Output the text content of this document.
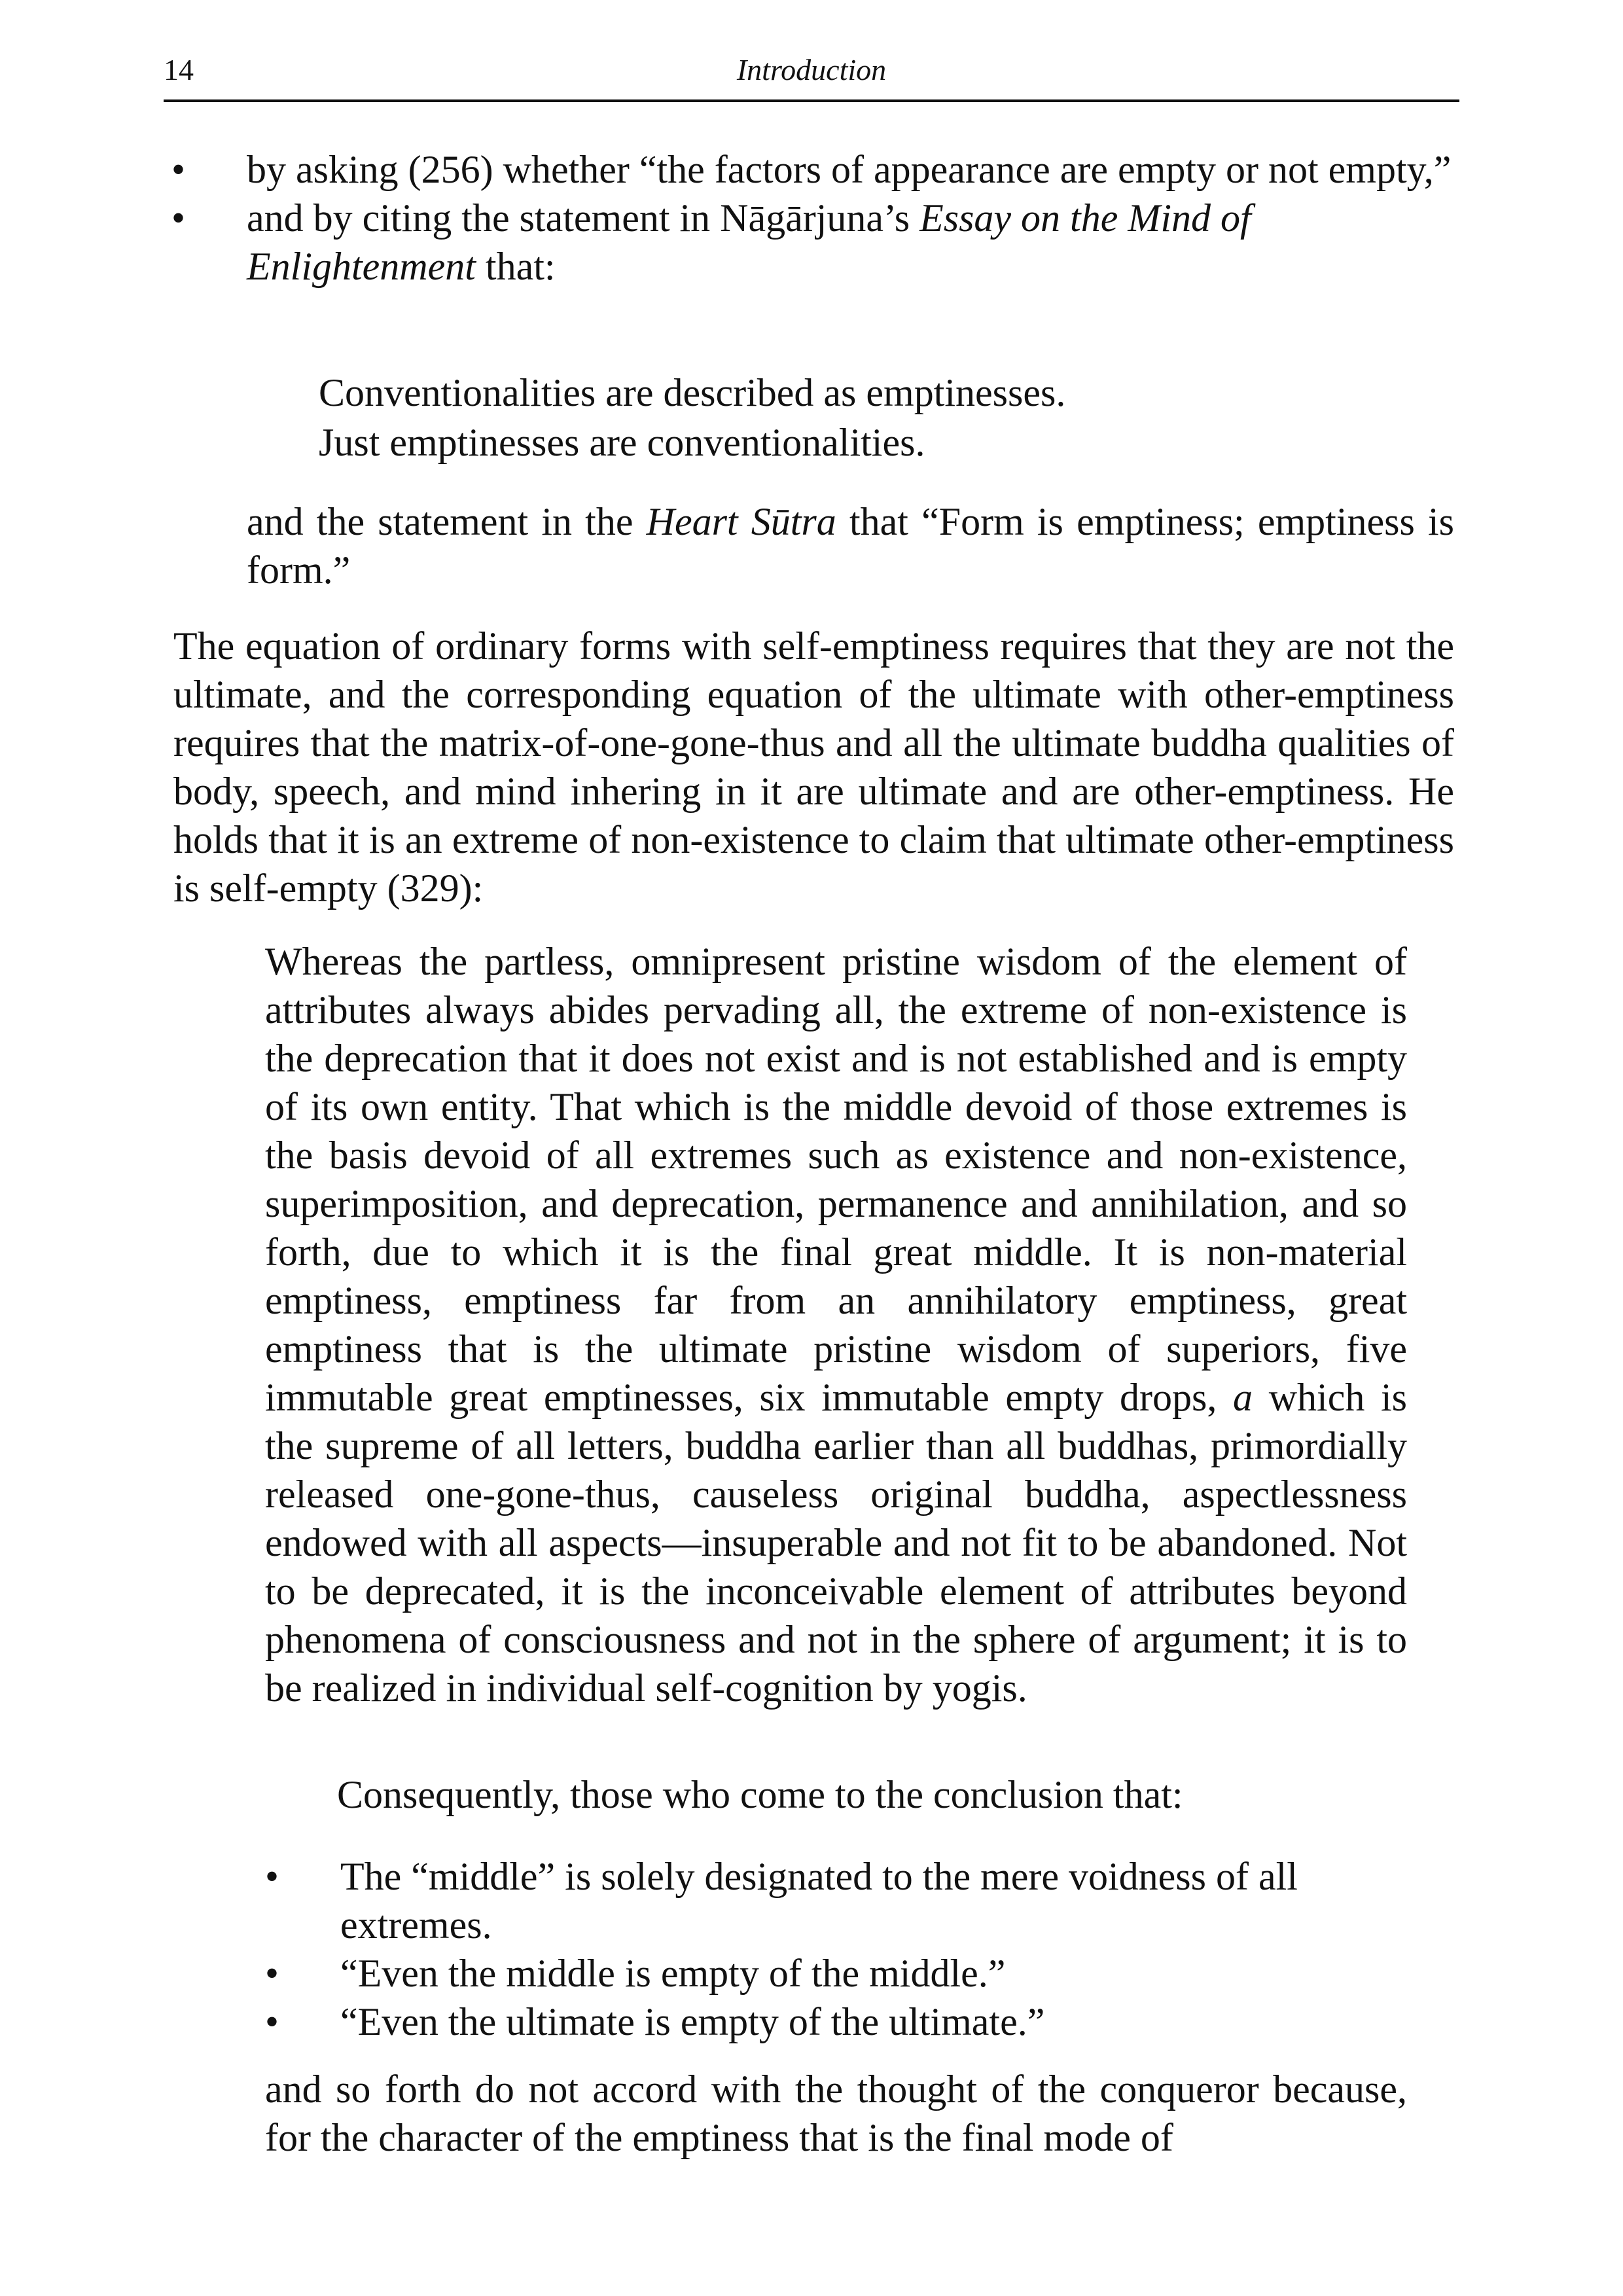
14	Introduction
• by asking (256) whether “the factors of appearance are empty or not empty,”
• and by citing the statement in Nāgārjuna’s Essay on the Mind of Enlightenment that:
Conventionalities are described as emptinesses.
Just emptinesses are conventionalities.

and the statement in the Heart Sūtra that “Form is emptiness; emptiness is form.”

The equation of ordinary forms with self-emptiness requires that they are not the ultimate, and the corresponding equation of the ultimate with other-emptiness requires that the matrix-of-one-gone-thus and all the ultimate buddha qualities of body, speech, and mind inhering in it are ultimate and are other-emptiness. He holds that it is an extreme of non-existence to claim that ultimate other-emptiness is self-empty (329):

Whereas the partless, omnipresent pristine wisdom of the element of attributes always abides pervading all, the extreme of non-existence is the deprecation that it does not exist and is not established and is empty of its own entity. That which is the middle devoid of those extremes is the basis devoid of all extremes such as existence and non-existence, superimposition, and deprecation, permanence and annihilation, and so forth, due to which it is the final great middle. It is non-material emptiness, emptiness far from an annihilatory emptiness, great emptiness that is the ultimate pristine wisdom of superiors, five immutable great emptinesses, six immutable empty drops, a which is the supreme of all letters, buddha earlier than all buddhas, primordially released one-gone-thus, causeless original buddha, aspectlessness endowed with all aspects—insuperable and not fit to be abandoned. Not to be deprecated, it is the inconceivable element of attributes beyond phenomena of consciousness and not in the sphere of argument; it is to be realized in individual self-cognition by yogis.

Consequently, those who come to the conclusion that:
• The “middle” is solely designated to the mere voidness of all extremes.
• “Even the middle is empty of the middle.”
• “Even the ultimate is empty of the ultimate.”

and so forth do not accord with the thought of the conqueror because, for the character of the emptiness that is the final mode of
